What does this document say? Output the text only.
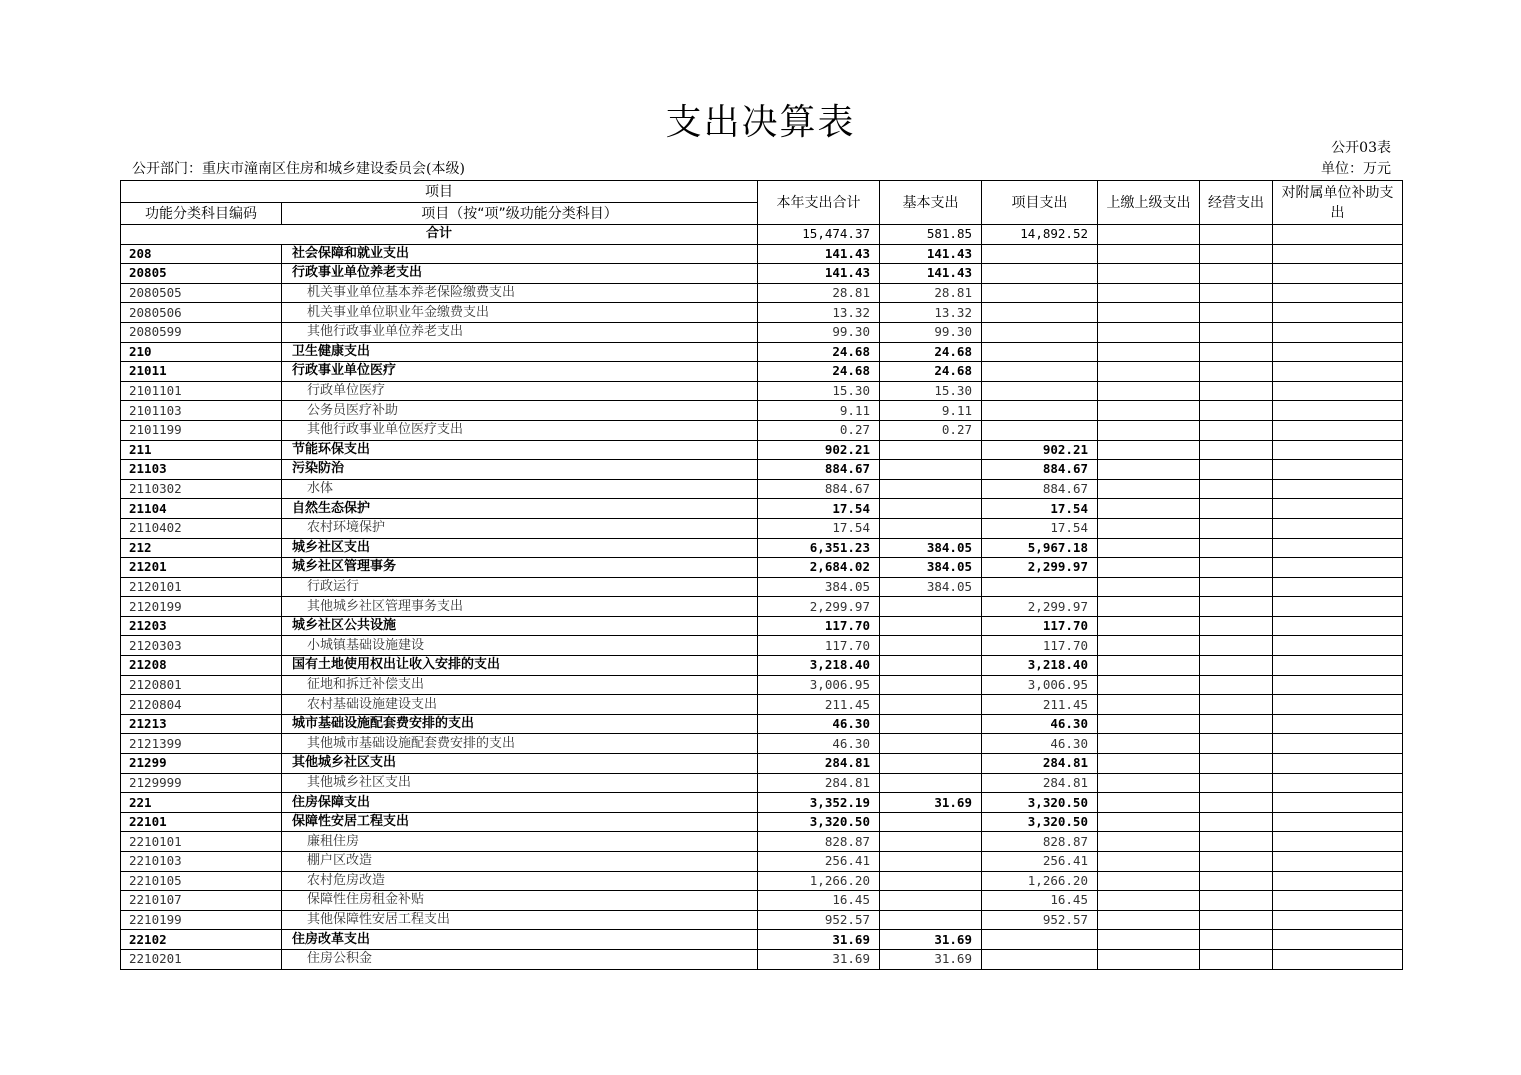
支出决算表
公开03表
公开部门：重庆市潼南区住房和城乡建设委员会(本级)	单位：万元
项目		本年支出合计	基本支出	项目支出	上缴上级支出	经营支出	对附属单位补助支出
功能分类科目编码	项目（按“项”级功能分类科目）						
合计		15,474.37	581.85	14,892.52			
208	社会保障和就业支出	141.43	141.43				
20805	行政事业单位养老支出	141.43	141.43				
2080505	机关事业单位基本养老保险缴费支出	28.81	28.81				
2080506	机关事业单位职业年金缴费支出	13.32	13.32				
2080599	其他行政事业单位养老支出	99.30	99.30				
210	卫生健康支出	24.68	24.68				
21011	行政事业单位医疗	24.68	24.68				
2101101	行政单位医疗	15.30	15.30				
2101103	公务员医疗补助	9.11	9.11				
2101199	其他行政事业单位医疗支出	0.27	0.27				
211	节能环保支出	902.21		902.21			
21103	污染防治	884.67		884.67			
2110302	水体	884.67		884.67			
21104	自然生态保护	17.54		17.54			
2110402	农村环境保护	17.54		17.54			
212	城乡社区支出	6,351.23	384.05	5,967.18			
21201	城乡社区管理事务	2,684.02	384.05	2,299.97			
2120101	行政运行	384.05	384.05				
2120199	其他城乡社区管理事务支出	2,299.97		2,299.97			
21203	城乡社区公共设施	117.70		117.70			
2120303	小城镇基础设施建设	117.70		117.70			
21208	国有土地使用权出让收入安排的支出	3,218.40		3,218.40			
2120801	征地和拆迁补偿支出	3,006.95		3,006.95			
2120804	农村基础设施建设支出	211.45		211.45			
21213	城市基础设施配套费安排的支出	46.30		46.30			
2121399	其他城市基础设施配套费安排的支出	46.30		46.30			
21299	其他城乡社区支出	284.81		284.81			
2129999	其他城乡社区支出	284.81		284.81			
221	住房保障支出	3,352.19	31.69	3,320.50			
22101	保障性安居工程支出	3,320.50		3,320.50			
2210101	廉租住房	828.87		828.87			
2210103	棚户区改造	256.41		256.41			
2210105	农村危房改造	1,266.20		1,266.20			
2210107	保障性住房租金补贴	16.45		16.45			
2210199	其他保障性安居工程支出	952.57		952.57			
22102	住房改革支出	31.69	31.69				
2210201	住房公积金	31.69	31.69				
